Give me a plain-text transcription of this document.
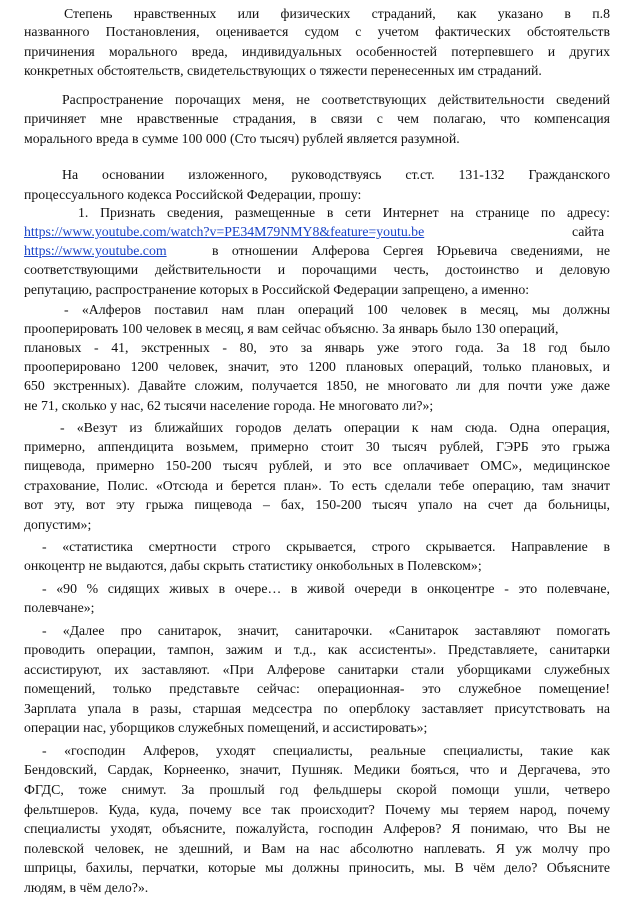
Степень нравственных или физических страданий, как указано в п.8
названного Постановления, оценивается судом с учетом фактических обстоятельств
причинения морального вреда, индивидуальных особенностей потерпевшего и других
конкретных обстоятельств, свидетельствующих о тяжести перенесенных им страданий.
Распространение порочащих меня, не соответствующих действительности сведений
причиняет мне нравственные страдания, в связи с чем полагаю, что компенсация
морального вреда в сумме 100 000 (Сто тысяч) рублей является разумной.
На основании изложенного, руководствуясь ст.ст. 131-132 Гражданского
процессуального кодекса Российской Федерации, прошу:
1. Признать сведения, размещенные в сети Интернет на странице по адресу:
https://www.youtube.com/watch?v=PE34M79NMY8&feature=youtu.be	сайта
https://www.youtube.com	в отношении Алферова Сергея Юрьевича сведениями, не
соответствующими действительности и порочащими честь, достоинство и деловую
репутацию, распространение которых в Российской Федерации запрещено, а именно:
- «Алферов поставил нам план операций 100 человек в месяц, мы должны
прооперировать 100 человек в месяц, я вам сейчас объясню. За январь было 130 операций,
плановых - 41, экстренных - 80, это за январь уже этого года. За 18 год было
прооперировано 1200 человек, значит, это 1200 плановых операций, только плановых, и
650 экстренных). Давайте сложим, получается 1850, не многовато ли для почти уже даже
не 71, сколько у нас, 62 тысячи население города. Не многовато ли?»;
- «Везут из ближайших городов делать операции к нам сюда. Одна операция,
примерно, аппендицита возьмем, примерно стоит 30 тысяч рублей, ГЭРБ это грыжа
пищевода, примерно 150-200 тысяч рублей, и это все оплачивает ОМС», медицинское
страхование, Полис. «Отсюда и берется план». То есть сделали тебе операцию, там значит
вот эту, вот эту грыжа пищевода – бах, 150-200 тысяч упало на счет да больницы,
допустим»;
- «статистика смертности строго скрывается, строго скрывается. Направление в
онкоцентр не выдаются, дабы скрыть статистику онкобольных в Полевском»;
- «90 % сидящих живых в очере… в живой очереди в онкоцентре - это полевчане,
полевчане»;
- «Далее про санитарок, значит, санитарочки. «Санитарок заставляют помогать
проводить операции, тампон, зажим и т.д., как ассистенты». Представляете, санитарки
ассистируют, их заставляют. «При Алферове санитарки стали уборщиками служебных
помещений, только представьте сейчас: операционная- это служебное помещение!
Зарплата упала в разы, старшая медсестра по оперблоку заставляет присутствовать на
операции нас, уборщиков служебных помещений, и ассистировать»;
- «господин Алферов, уходят специалисты, реальные специалисты, такие как
Бендовский, Сардак, Корнеенко, значит, Пушняк. Медики бояться, что и Дергачева, это
ФГДС, тоже снимут. За прошлый год фельдшеры скорой помощи ушли, четверо
фельтшеров. Куда, куда, почему все так происходит? Почему мы теряем народ, почему
специалисты уходят, объясните, пожалуйста, господин Алферов? Я понимаю, что Вы не
полевской человек, не здешний, и Вам на нас абсолютно наплевать. Я уж молчу про
шприцы, бахилы, перчатки, которые мы должны приносить, мы. В чём дело? Объясните
людям, в чём дело?».
